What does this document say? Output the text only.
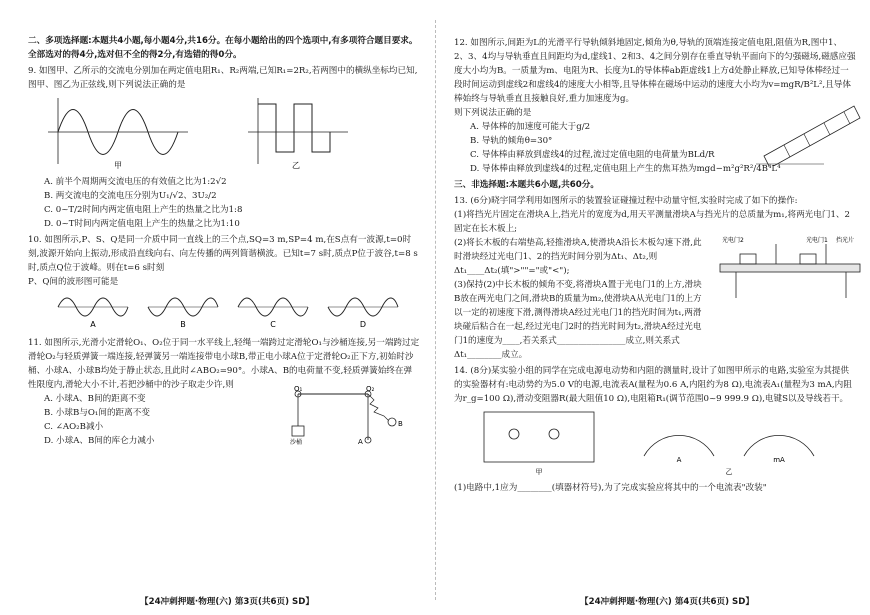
二、多项选择题:本题共4小题,每小题4分,共16分。在每小题给出的四个选项中,有多项符合题目要求。全部选对的得4分,选对但不全的得2分,有选错的得0分。
9. 如图甲、乙所示的交流电分别加在两定值电阻R₁、R₂两端,已知R₁=2R₂,若两图中的横纵坐标均已知,图甲、图乙为正弦线,则下列说法正确的是
甲	乙
A. 前半个周期两交流电压的有效值之比为1:2√2
B. 两交流电的交流电压分别为U₁/√2、3U₂/2
C. 0~T/2时间内两定值电阻上产生的热量之比为1:8
D. 0~T时间内两定值电阻上产生的热量之比为1:10
10. 如图所示,P、S、Q是同一介质中同一直线上的三个点,SQ=3 m,SP=4 m,在S点有一波源,t=0时刻,波源开始向上振动,形成沿直线向右、向左传播的两列简谐横波。已知t=7 s时,质点P位于波谷,t=8 s时,质点Q位于波峰。则在t=6 s时刻
P、Q间的波形图可能是
A	B	C	D
11. 如图所示,光滑小定滑轮O₁、O₂位于同一水平线上,轻绳一端跨过定滑轮O₁与沙桶连接,另一端跨过定滑轮O₂与轻质弹簧一端连接,轻弹簧另一端连接带电小球B,带正电小球A位于定滑轮O₂正下方,初始时沙桶、小球A、小球B均处于静止状态,且此时∠ABO₂=90°。小球A、B的电荷量不变,轻质弹簧始终在弹性限度内,滑轮大小不计,若把沙桶中的沙子取走少许,则
A. 小球A、B间的距离不变
B. 小球B与O₁间的距离不变
C. ∠AO₂B减小
D. 小球A、B间的库仑力减小
O₁	O₂
沙桶
B
A
12. 如图所示,间距为L的光滑平行导轨倾斜地固定,倾角为θ,导轨的顶端连接定值电阻,阻值为R,图中1、2、3、4均与导轨垂直且间距均为d,虚线1、2和3、4之间分别存在垂直导轨平面向下的匀强磁场,磁感应强度大小均为B。一质量为m、电阻为R、长度为L的导体棒ab距虚线1上方d处静止释放,已知导体棒经过一段时间运动到虚线2和虚线4的速度大小相等,且导体棒在磁场中运动的速度大小均为v=mgR/B²L²,且导体棒始终与导轨垂直且接触良好,重力加速度为g。
则下列说法正确的是
A. 导体棒的加速度可能大于g/2
B. 导轨的倾角θ=30°
C. 导体棒由释放到虚线4的过程,流过定值电阻的电荷量为BLd/R
D. 导体棒由释放到虚线4的过程,定值电阻上产生的焦耳热为mgd−m²g²R²/4B⁴L⁴
三、非选择题:本题共6小题,共60分。
13. (6分)晓宇同学利用如图所示的装置验证碰撞过程中动量守恒,实验时完成了如下的操作:
(1)将挡光片固定在滑块A上,挡光片的宽度为d,用天平测量滑块A与挡光片的总质量为m₁,将两光电门1、2固定在长木板上;
(2)将长木板的右端垫高,轻推滑块A,使滑块A沿长木板勾速下滑,此时滑块经过光电门1、2的挡光时间分别为Δt₁、Δt₂,则Δt₁____Δt₂(填">""="或"<");
(3)保持(2)中长木板的倾角不变,将滑块A置于光电门1的上方,滑块B放在两光电门之间,滑块B的质量为m₂,使滑块A从光电门1的上方以一定的初速度下滑,测得滑块A经过光电门1的挡光时间为t₁,两滑块碰后粘合在一起,经过光电门2时的挡光时间为t₂,滑块A经过光电门1的速度为____,若关系式________________成立,则关系式Δt₁________成立。
光电门2	光电门1 挡光片
14. (8分)某实验小组的同学在完成电源电动势和内阻的测量时,设计了如图甲所示的电路,实验室为其提供的实验器材有:电动势约为5.0 V的电源,电流表A(量程为0.6 A,内阻约为8 Ω),电流表A₁(量程为3 mA,内阻为r_g=100 Ω),滑动变阻器R(最大阻值10 Ω),电阻箱R₁(调节范围0~9 999.9 Ω),电键S以及导线若干。
甲
A	mA
乙
(1)电路中,1应为________(填器材符号),为了完成实验应将其中的一个电流表"改装"
【24冲刺押题·物理(六) 第3页(共6页) SD】	【24冲刺押题·物理(六) 第4页(共6页) SD】
